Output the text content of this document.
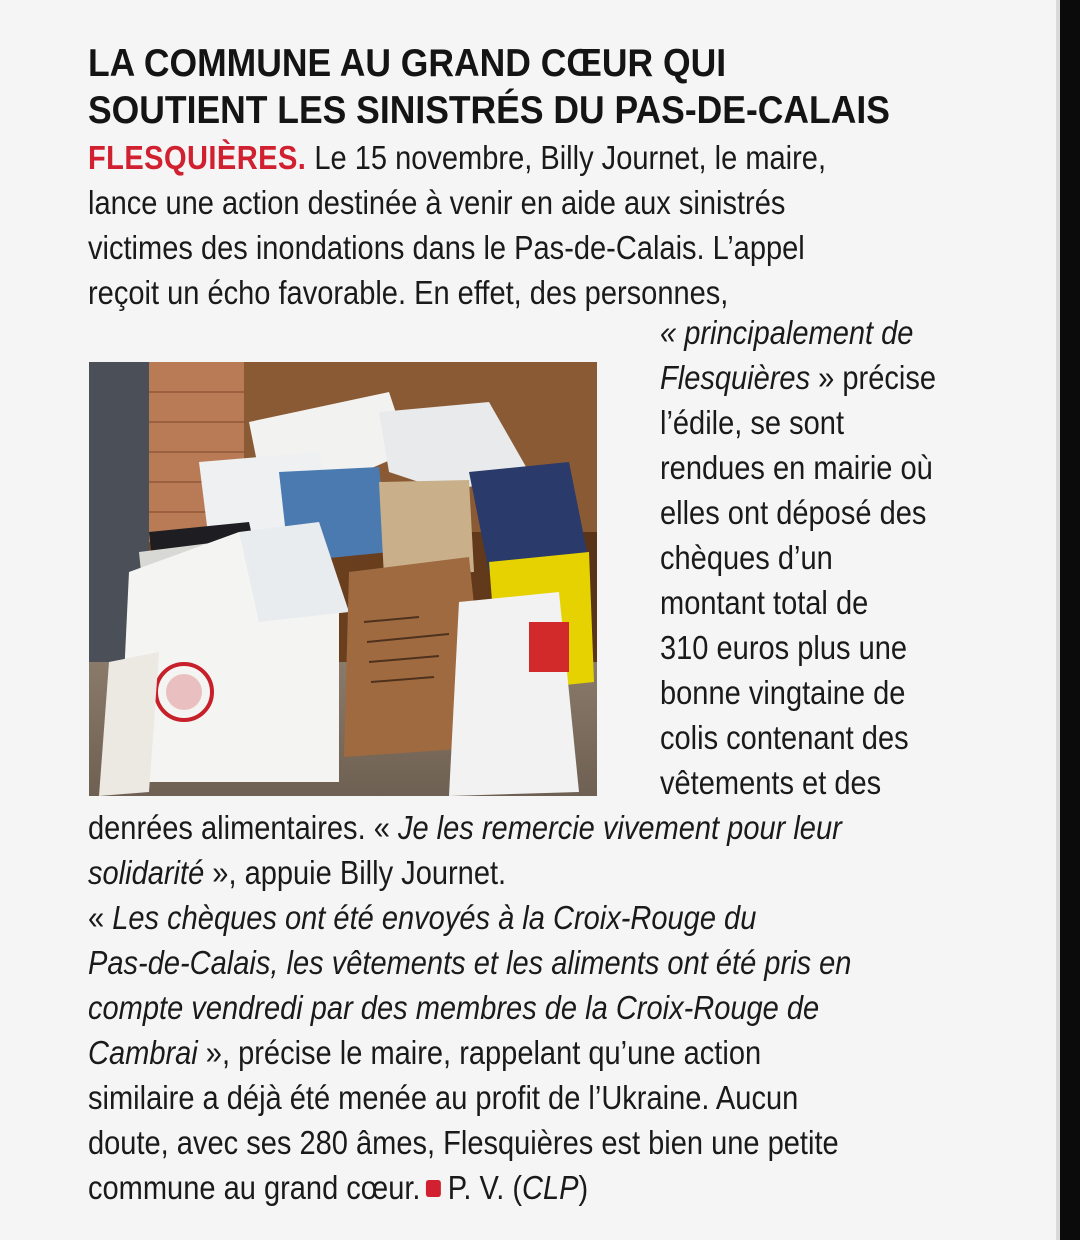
LA COMMUNE AU GRAND CŒUR QUI
SOUTIENT LES SINISTRÉS DU PAS-DE-CALAIS
FLESQUIÈRES. Le 15 novembre, Billy Journet, le maire,
lance une action destinée à venir en aide aux sinistrés
victimes des inondations dans le Pas-de-Calais. L’appel
reçoit un écho favorable. En effet, des personnes,
« principalement de
Flesquières » précise
l’édile, se sont
rendues en mairie où
elles ont déposé des
chèques d’un
montant total de
310 euros plus une
bonne vingtaine de
colis contenant des
vêtements et des
denrées alimentaires. « Je les remercie vivement pour leur
solidarité », appuie Billy Journet.
« Les chèques ont été envoyés à la Croix-Rouge du
Pas-de-Calais, les vêtements et les aliments ont été pris en
compte vendredi par des membres de la Croix-Rouge de
Cambrai », précise le maire, rappelant qu’une action
similaire a déjà été menée au profit de l’Ukraine. Aucun
doute, avec ses 280 âmes, Flesquières est bien une petite
commune au grand cœur. P. V. (CLP)
